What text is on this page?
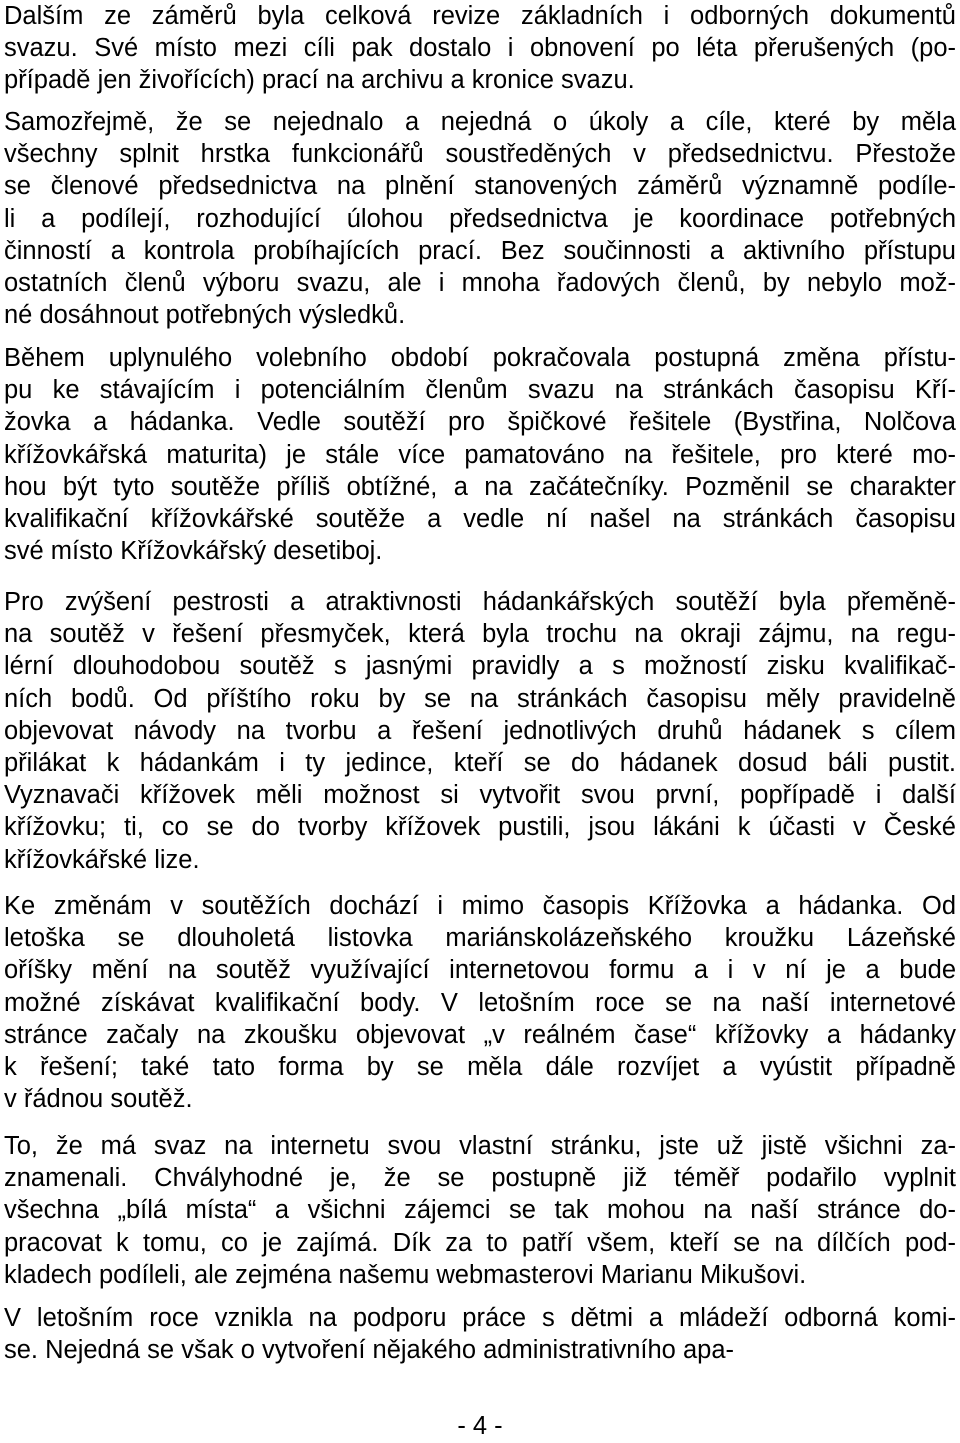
Dalším ze záměrů byla celková revize základních i odborných dokumentů
svazu. Své místo mezi cíli pak dostalo i obnovení po léta přerušených (po-
případě jen živořících) prací na archivu a kronice svazu.
Samozřejmě, že se nejednalo a nejedná o úkoly a cíle, které by měla
všechny splnit hrstka funkcionářů soustředěných v předsednictvu. Přestože
se členové předsednictva na plnění stanovených záměrů významně podíle-
li a podílejí, rozhodující úlohou předsednictva je koordinace potřebných
činností a kontrola probíhajících prací. Bez součinnosti a aktivního přístupu
ostatních členů výboru svazu, ale i mnoha řadových členů, by nebylo mož-
né dosáhnout potřebných výsledků.
Během uplynulého volebního období pokračovala postupná změna přístu-
pu ke stávajícím i potenciálním členům svazu na stránkách časopisu Kří-
žovka a hádanka. Vedle soutěží pro špičkové řešitele (Bystřina, Nolčova
křížovkářská maturita) je stále více pamatováno na řešitele, pro které mo-
hou být tyto soutěže příliš obtížné, a na začátečníky. Pozměnil se charakter
kvalifikační křížovkářské soutěže a vedle ní našel na stránkách časopisu
své místo Křížovkářský desetiboj.
Pro zvýšení pestrosti a atraktivnosti hádankářských soutěží byla přeměně-
na soutěž v řešení přesmyček, která byla trochu na okraji zájmu, na regu-
lérní dlouhodobou soutěž s jasnými pravidly a s možností zisku kvalifikač-
ních bodů. Od příštího roku by se na stránkách časopisu měly pravidelně
objevovat návody na tvorbu a řešení jednotlivých druhů hádanek s cílem
přilákat k hádankám i ty jedince, kteří se do hádanek dosud báli pustit.
Vyznavači křížovek měli možnost si vytvořit svou první, popřípadě i další
křížovku; ti, co se do tvorby křížovek pustili, jsou lákáni k účasti v České
křížovkářské lize.
Ke změnám v soutěžích dochází i mimo časopis Křížovka a hádanka. Od
letoška se dlouholetá listovka mariánskolázeňského kroužku Lázeňské
oříšky mění na soutěž využívající internetovou formu a i v ní je a bude
možné získávat kvalifikační body. V letošním roce se na naší internetové
stránce začaly na zkoušku objevovat „v reálném čase“ křížovky a hádanky
k řešení; také tato forma by se měla dále rozvíjet a vyústit případně
v řádnou soutěž.
To, že má svaz na internetu svou vlastní stránku, jste už jistě všichni za-
znamenali. Chvályhodné je, že se postupně již téměř podařilo vyplnit
všechna „bílá místa“ a všichni zájemci se tak mohou na naší stránce do-
pracovat k tomu, co je zajímá. Dík za to patří všem, kteří se na dílčích pod-
kladech podíleli, ale zejména našemu webmasterovi Marianu Mikušovi.
V letošním roce vznikla na podporu práce s dětmi a mládeží odborná komi-
se. Nejedná se však o vytvoření nějakého administrativního apa-
- 4 -
